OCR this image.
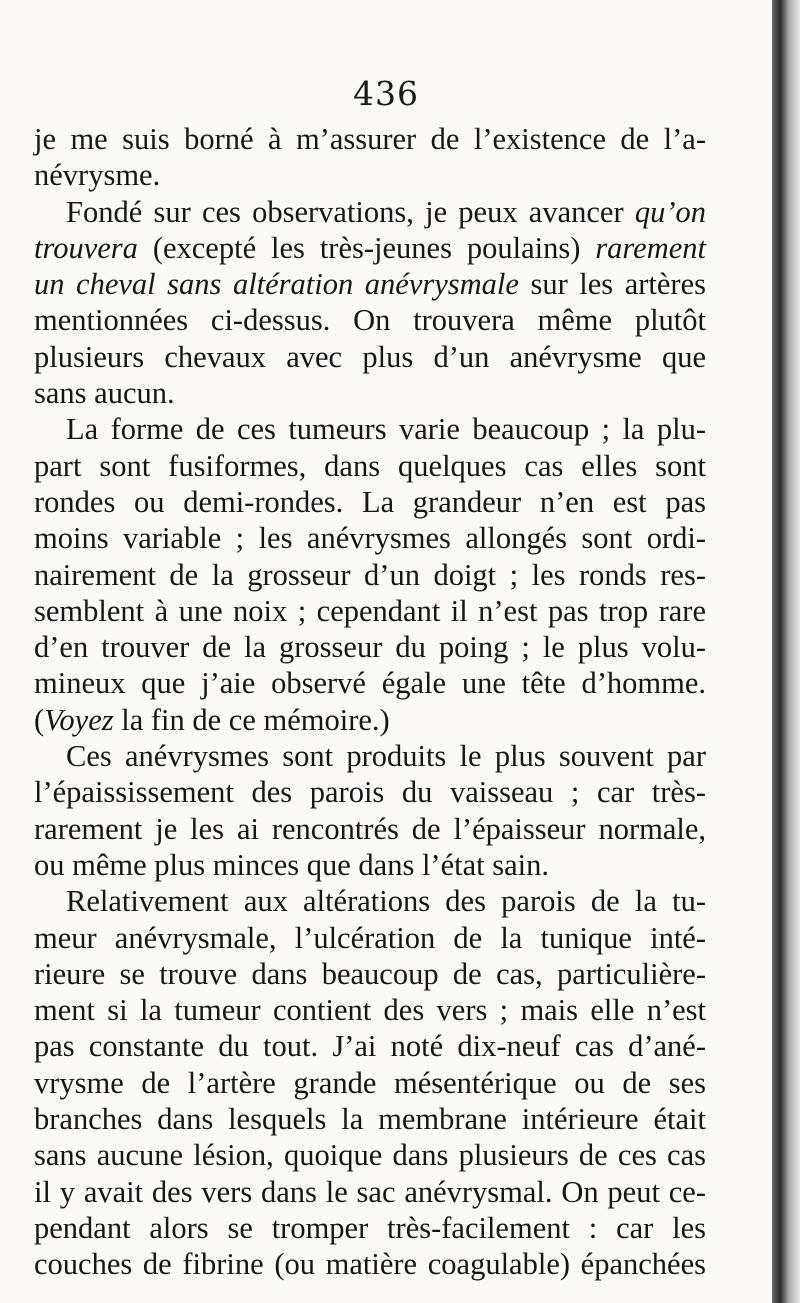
436
je me suis borné à m’assurer de l’existence de l’a-
névrysme.
Fondé sur ces observations, je peux avancer qu’on
trouvera (excepté les très-jeunes poulains) rarement
un cheval sans altération anévrysmale sur les artères
mentionnées ci-dessus. On trouvera même plutôt
plusieurs chevaux avec plus d’un anévrysme que
sans aucun.
La forme de ces tumeurs varie beaucoup ; la plu-
part sont fusiformes, dans quelques cas elles sont
rondes ou demi-rondes. La grandeur n’en est pas
moins variable ; les anévrysmes allongés sont ordi-
nairement de la grosseur d’un doigt ; les ronds res-
semblent à une noix ; cependant il n’est pas trop rare
d’en trouver de la grosseur du poing ; le plus volu-
mineux que j’aie observé égale une tête d’homme.
(Voyez la fin de ce mémoire.)
Ces anévrysmes sont produits le plus souvent par
l’épaississement des parois du vaisseau ; car très-
rarement je les ai rencontrés de l’épaisseur normale,
ou même plus minces que dans l’état sain.
Relativement aux altérations des parois de la tu-
meur anévrysmale, l’ulcération de la tunique inté-
rieure se trouve dans beaucoup de cas, particulière-
ment si la tumeur contient des vers ; mais elle n’est
pas constante du tout. J’ai noté dix-neuf cas d’ané-
vrysme de l’artère grande mésentérique ou de ses
branches dans lesquels la membrane intérieure était
sans aucune lésion, quoique dans plusieurs de ces cas
il y avait des vers dans le sac anévrysmal. On peut ce-
pendant alors se tromper très-facilement : car les
couches de fibrine (ou matière coagulable) épanchées
